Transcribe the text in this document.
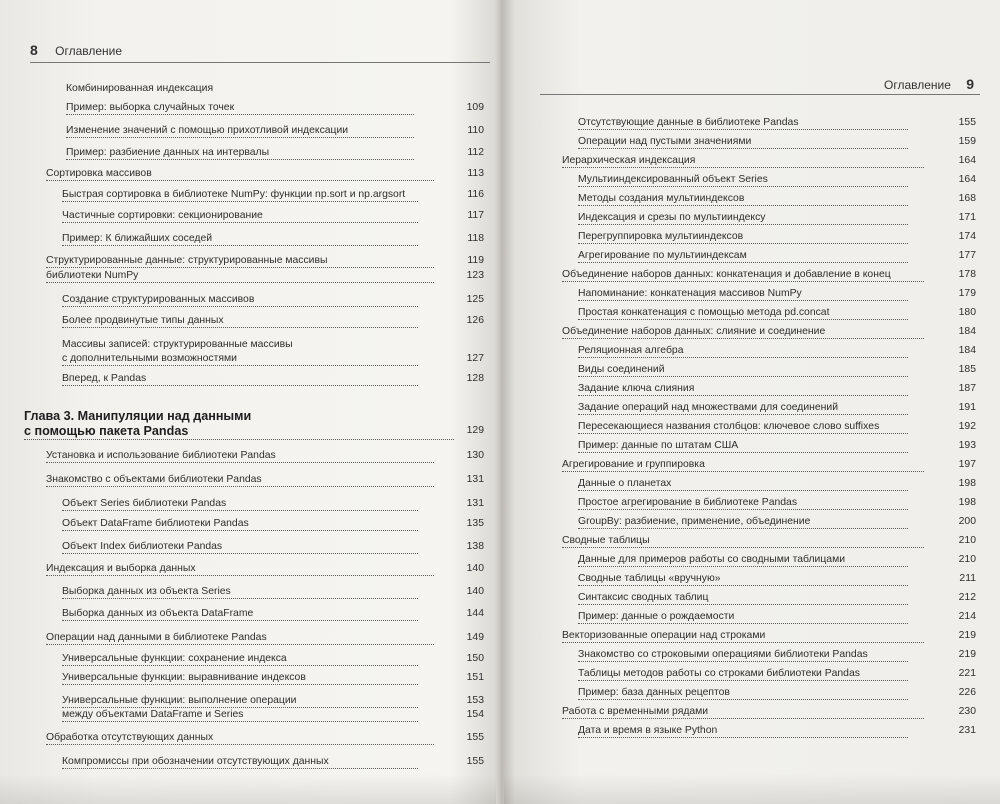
8 Оглавление
Комбинированная индексация
Пример: выборка случайных точек	109
Изменение значений с помощью прихотливой индексации	110
Пример: разбиение данных на интервалы	112
Сортировка массивов	113
Быстрая сортировка в библиотеке NumPy: функции np.sort и np.argsort	116
Частичные сортировки: секционирование	117
Пример: К ближайших соседей	118
Структурированные данные: структурированные массивы	119
библиотеки NumPy	123
Создание структурированных массивов	125
Более продвинутые типы данных	126
Массивы записей: структурированные массивы
с дополнительными возможностями	127
Вперед, к Pandas	128
Глава 3. Манипуляции над данными
с помощью пакета Pandas	129
Установка и использование библиотеки Pandas	130
Знакомство с объектами библиотеки Pandas	131
Объект Series библиотеки Pandas	131
Объект DataFrame библиотеки Pandas	135
Объект Index библиотеки Pandas	138
Индексация и выборка данных	140
Выборка данных из объекта Series	140
Выборка данных из объекта DataFrame	144
Операции над данными в библиотеке Pandas	149
Универсальные функции: сохранение индекса	150
Универсальные функции: выравнивание индексов	151
Универсальные функции: выполнение операции	153
между объектами DataFrame и Series	154
Обработка отсутствующих данных	155
Компромиссы при обозначении отсутствующих данных	155
Оглавление 9
Отсутствующие данные в библиотеке Pandas	155
Операции над пустыми значениями	159
Иерархическая индексация	164
Мультииндексированный объект Series	164
Методы создания мультииндексов	168
Индексация и срезы по мультииндексу	171
Перегруппировка мультииндексов	174
Агрегирование по мультииндексам	177
Объединение наборов данных: конкатенация и добавление в конец	178
Напоминание: конкатенация массивов NumPy	179
Простая конкатенация с помощью метода pd.concat	180
Объединение наборов данных: слияние и соединение	184
Реляционная алгебра	184
Виды соединений	185
Задание ключа слияния	187
Задание операций над множествами для соединений	191
Пересекающиеся названия столбцов: ключевое слово suffixes	192
Пример: данные по штатам США	193
Агрегирование и группировка	197
Данные о планетах	198
Простое агрегирование в библиотеке Pandas	198
GroupBy: разбиение, применение, объединение	200
Сводные таблицы	210
Данные для примеров работы со сводными таблицами	210
Сводные таблицы «вручную»	211
Синтаксис сводных таблиц	212
Пример: данные о рождаемости	214
Векторизованные операции над строками	219
Знакомство со строковыми операциями библиотеки Pandas	219
Таблицы методов работы со строками библиотеки Pandas	221
Пример: база данных рецептов	226
Работа с временными рядами	230
Дата и время в языке Python	231
